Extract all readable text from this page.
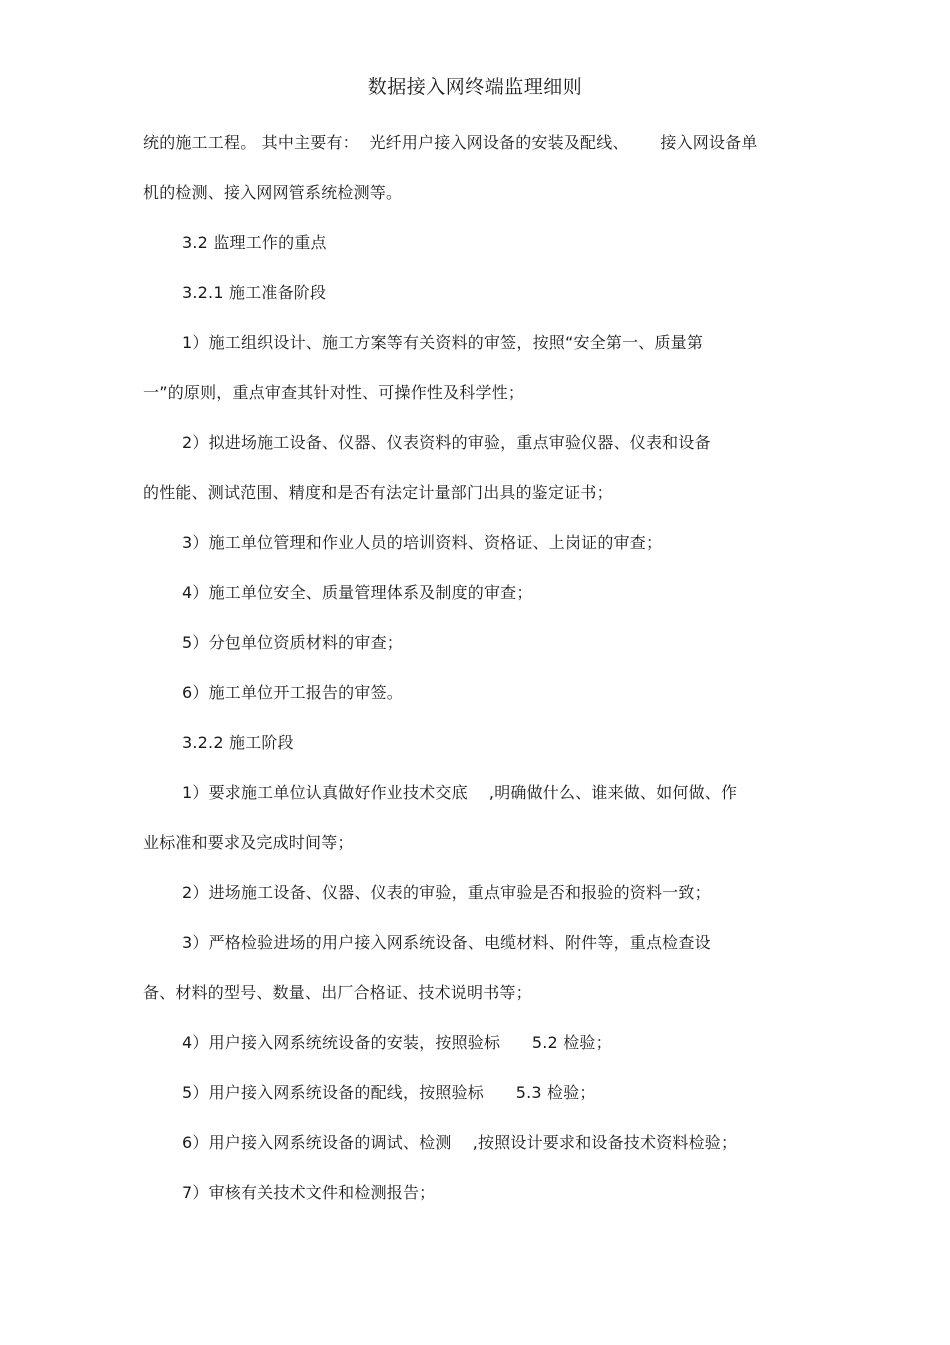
数据接入网终端监理细则
统的施工工程。 其中主要有：  光纤用户接入网设备的安装及配线、      接入网设备单
机的检测、接入网网管系统检测等。
3.2 监理工作的重点
3.2.1 施工准备阶段
1）施工组织设计、施工方案等有关资料的审签，按照“安全第一、质量第
一”的原则，重点审查其针对性、可操作性及科学性；
2）拟进场施工设备、仪器、仪表资料的审验，重点审验仪器、仪表和设备
的性能、测试范围、精度和是否有法定计量部门出具的鉴定证书；
3）施工单位管理和作业人员的培训资料、资格证、上岗证的审查；
4）施工单位安全、质量管理体系及制度的审查；
5）分包单位资质材料的审查；
6）施工单位开工报告的审签。
3.2.2 施工阶段
1）要求施工单位认真做好作业技术交底    ,明确做什么、谁来做、如何做、作
业标准和要求及完成时间等；
2）进场施工设备、仪器、仪表的审验，重点审验是否和报验的资料一致；
3）严格检验进场的用户接入网系统设备、电缆材料、附件等，重点检查设
备、材料的型号、数量、出厂合格证、技术说明书等；
4）用户接入网系统统设备的安装，按照验标      5.2 检验；
5）用户接入网系统设备的配线，按照验标      5.3 检验；
6）用户接入网系统设备的调试、检测    ,按照设计要求和设备技术资料检验；
7）审核有关技术文件和检测报告；
